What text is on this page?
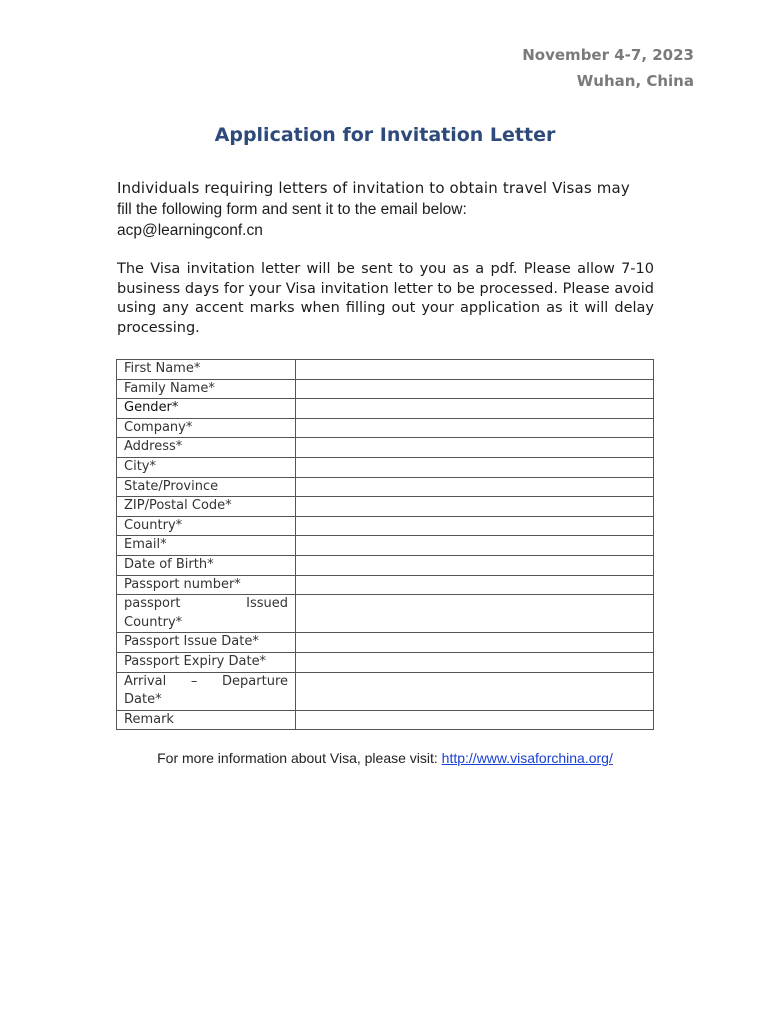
November 4-7, 2023
Wuhan, China
Application for Invitation Letter
Individuals requiring letters of invitation to obtain travel Visas may
fill the following form and sent it to the email below:
acp@learningconf.cn
The Visa invitation letter will be sent to you as a pdf. Please allow 7-10 business days for your Visa invitation letter to be processed. Please avoid using any accent marks when filling out your application as it will delay processing.
First Name*	
Family Name*	
Gender*	
Company*	
Address*	
City*	
State/Province	
ZIP/Postal Code*	
Country*	
Email*	
Date of Birth*	
Passport number*	

passport Issued
Country*	
Passport Issue Date*	
Passport Expiry Date*	

Arrival – Departure
Date*	
Remark	
For more information about Visa, please visit: http://www.visaforchina.org/
